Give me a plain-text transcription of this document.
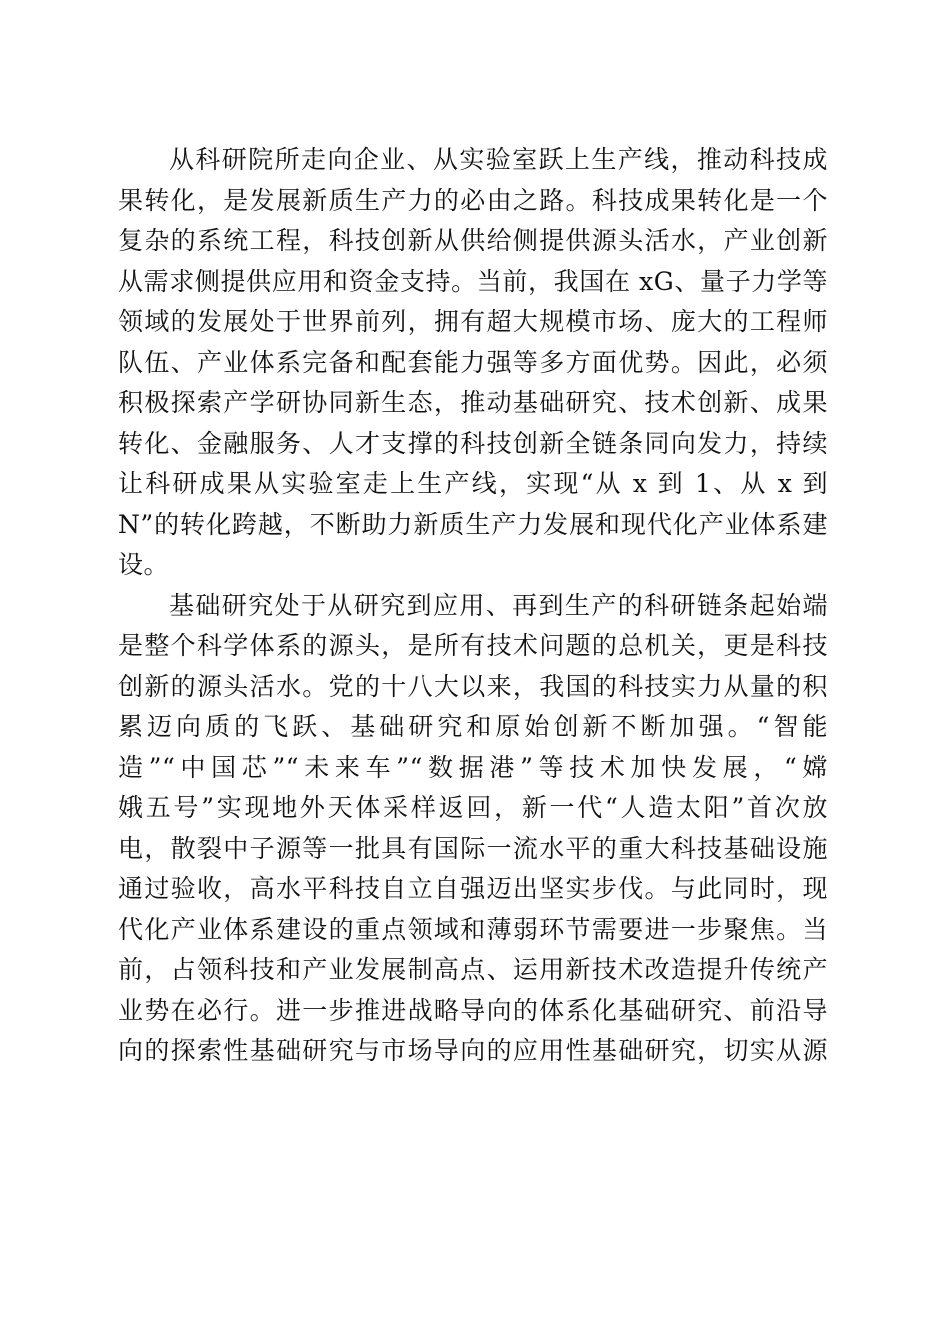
从科研院所走向企业、从实验室跃上生产线，推动科技成
果转化，是发展新质生产力的必由之路。科技成果转化是一个
复杂的系统工程，科技创新从供给侧提供源头活水，产业创新
从需求侧提供应用和资金支持。当前，我国在 xG、量子力学等
领域的发展处于世界前列，拥有超大规模市场、庞大的工程师
队伍、产业体系完备和配套能力强等多方面优势。因此，必须
积极探索产学研协同新生态，推动基础研究、技术创新、成果
转化、金融服务、人才支撑的科技创新全链条同向发力，持续
让科研成果从实验室走上生产线，实现“从 x 到 1、从 x 到
N”的转化跨越，不断助力新质生产力发展和现代化产业体系建
设。
基础研究处于从研究到应用、再到生产的科研链条起始端
是整个科学体系的源头，是所有技术问题的总机关，更是科技
创新的源头活水。党的十八大以来，我国的科技实力从量的积
累迈向质的飞跃、基础研究和原始创新不断加强。“智能
造”“中国芯”“未来车”“数据港”等技术加快发展，“嫦
娥五号”实现地外天体采样返回，新一代“人造太阳”首次放
电，散裂中子源等一批具有国际一流水平的重大科技基础设施
通过验收，高水平科技自立自强迈出坚实步伐。与此同时，现
代化产业体系建设的重点领域和薄弱环节需要进一步聚焦。当
前，占领科技和产业发展制高点、运用新技术改造提升传统产
业势在必行。进一步推进战略导向的体系化基础研究、前沿导
向的探索性基础研究与市场导向的应用性基础研究，切实从源
